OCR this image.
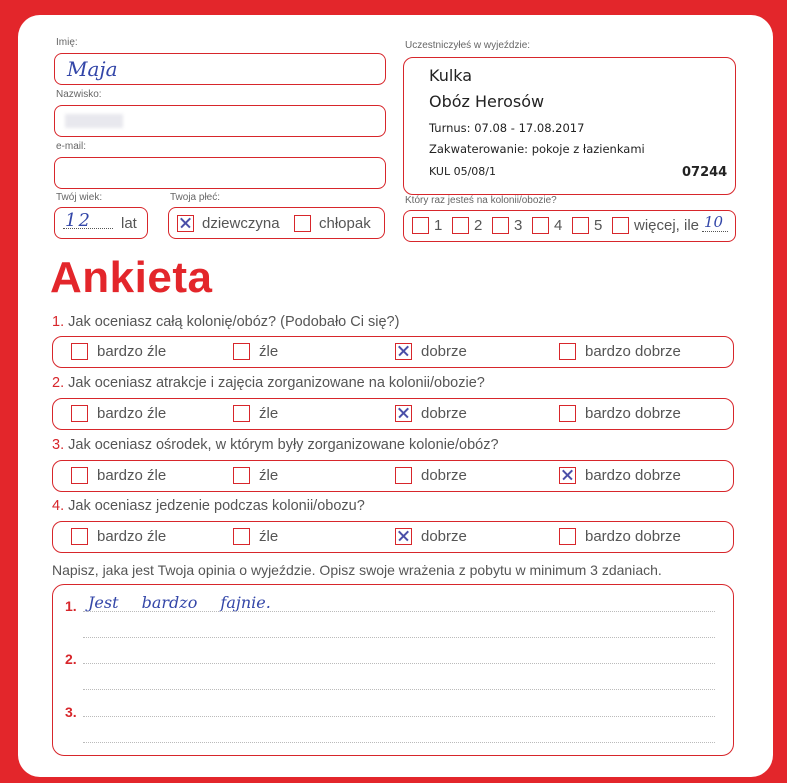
Imię:
Maja
Nazwisko:
e-mail:
Twój wiek:
12 lat
Twoja płeć:
dziewczyna	chłopak
Uczestniczyłeś w wyjeździe:
Kulka
Obóz Herosów
Turnus: 07.08 - 17.08.2017
Zakwaterowanie: pokoje z łazienkami
KUL 05/08/1	07244
Który raz jesteś na kolonii/obozie?
1 2 3 4 5 więcej, ile 10
Ankieta
1. Jak oceniasz całą kolonię/obóz? (Podobało Ci się?)
bardzo źle	źle	dobrze	bardzo dobrze
2. Jak oceniasz atrakcje i zajęcia zorganizowane na kolonii/obozie?
bardzo źle	źle	dobrze	bardzo dobrze
3. Jak oceniasz ośrodek, w którym były zorganizowane kolonie/obóz?
bardzo źle	źle	dobrze	bardzo dobrze
4. Jak oceniasz jedzenie podczas kolonii/obozu?
bardzo źle	źle	dobrze	bardzo dobrze
Napisz, jaka jest Twoja opinia o wyjeździe. Opisz swoje wrażenia z pobytu w minimum 3 zdaniach.
1. Jest bardzo fajnie.
2.
3.
